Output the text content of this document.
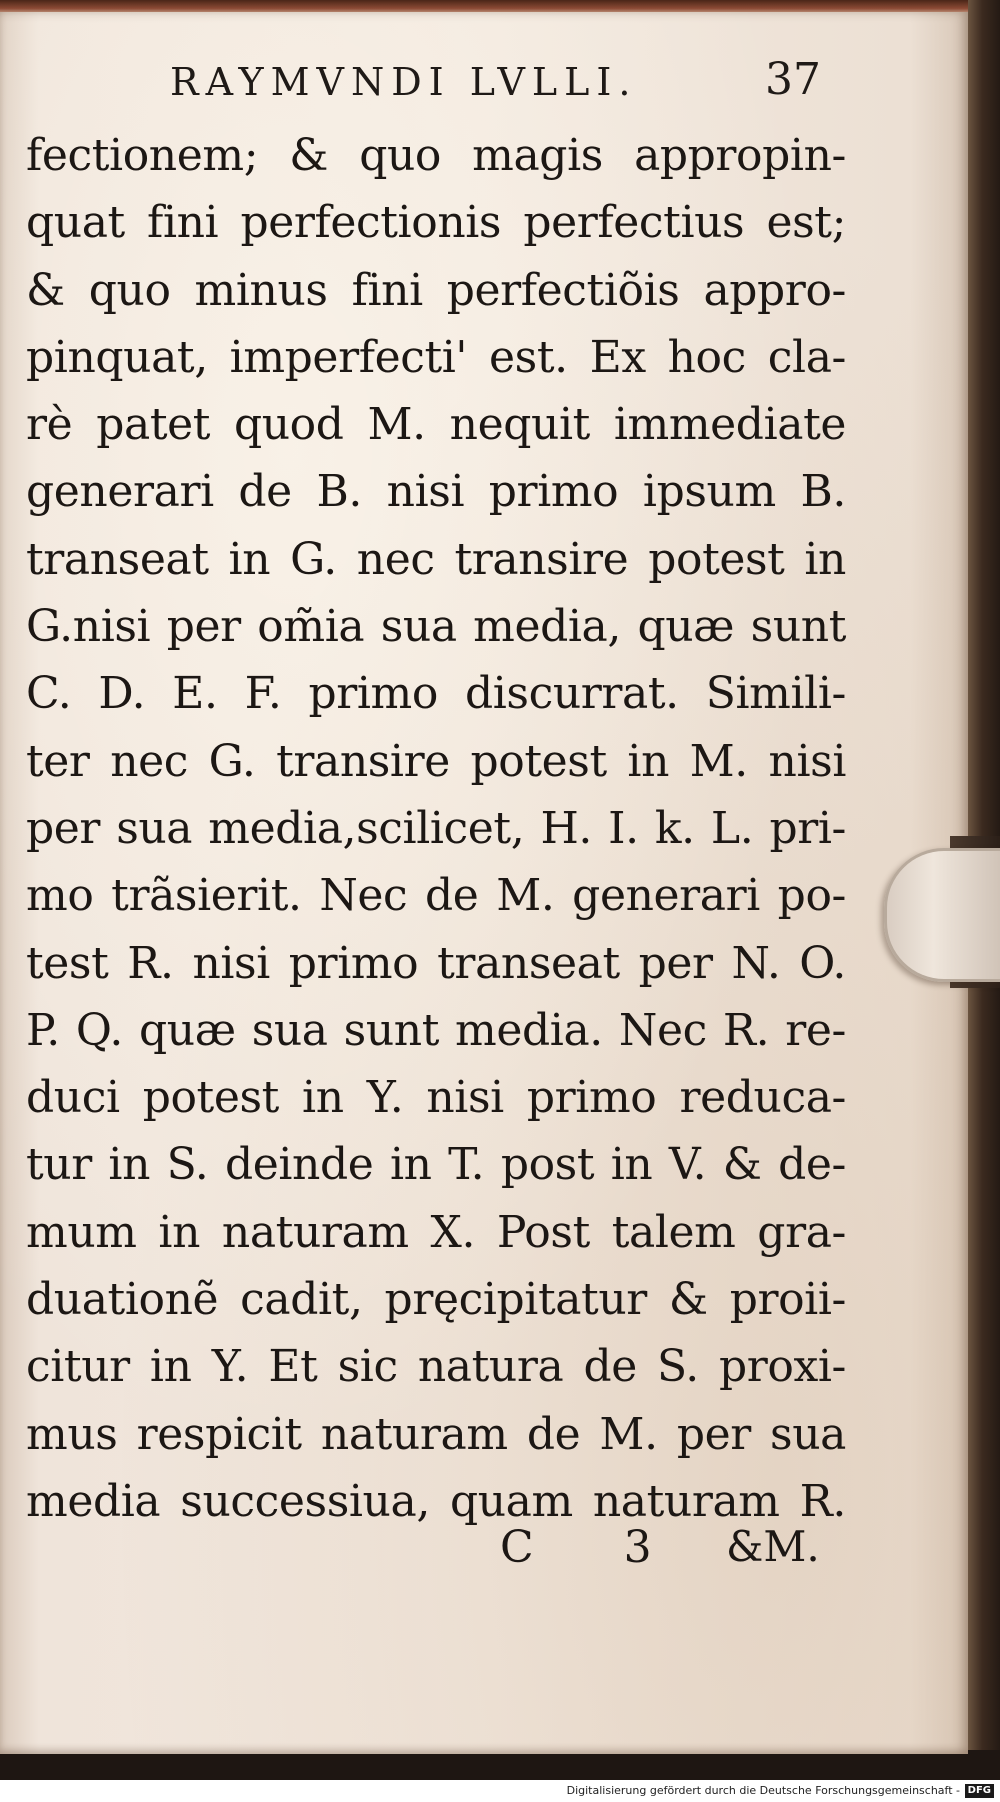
RAYMVNDI LVLLI.	37
fectionem; & quo magis appropin-
quat fini perfectionis perfectius est;
& quo minus fini perfectiõis appro-
pinquat, imperfecti' est. Ex hoc cla-
rè patet quod M. nequit immediate
generari de B. nisi primo ipsum B.
transeat in G. nec transire potest in
G.nisi per om̃ia sua media, quæ sunt
C. D. E. F. primo discurrat. Simili-
ter nec G. transire potest in M. nisi
per sua media,scilicet, H. I. k. L. pri-
mo trãsierit. Nec de M. generari po-
test R. nisi primo transeat per N. O.
P. Q. quæ sua sunt media. Nec R. re-
duci potest in Y. nisi primo reduca-
tur in S. deinde in T. post in V. & de-
mum in naturam X. Post talem gra-
duationẽ cadit, pręcipitatur & proii-
citur in Y. Et sic natura de S. proxi-
mus respicit naturam de M. per sua
media successiua, quam naturam R.
C 3 &M.
Digitalisierung gefördert durch die Deutsche Forschungsgemeinschaft - DFG
